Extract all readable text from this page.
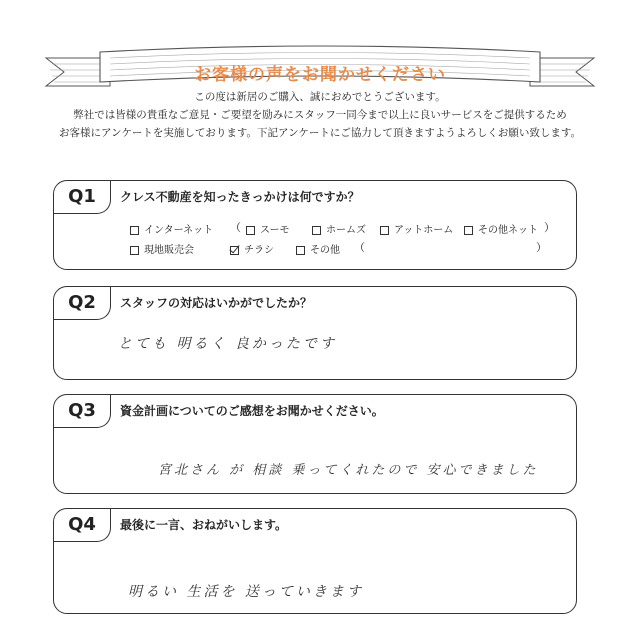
お客様の声をお聞かせください
この度は新居のご購入、誠におめでとうございます。
弊社では皆様の貴重なご意見・ご要望を励みにスタッフ一同今まで以上に良いサービスをご提供するため
お客様にアンケートを実施しております。下記アンケートにご協力して頂きますようよろしくお願い致します。
Q1	クレス不動産を知ったきっかけは何ですか？
インターネット （	スーモ	ホームズ	アットホーム	その他ネット ）
現地販売会	チラシ	その他 （	）
Q2	スタッフの対応はいかがでしたか？
とても 明るく 良かったです
Q3	資金計画についてのご感想をお聞かせください。
宮北さん が 相談 乗ってくれたので 安心できました
Q4	最後に一言、おねがいします。
明るい 生活を 送っていきます
